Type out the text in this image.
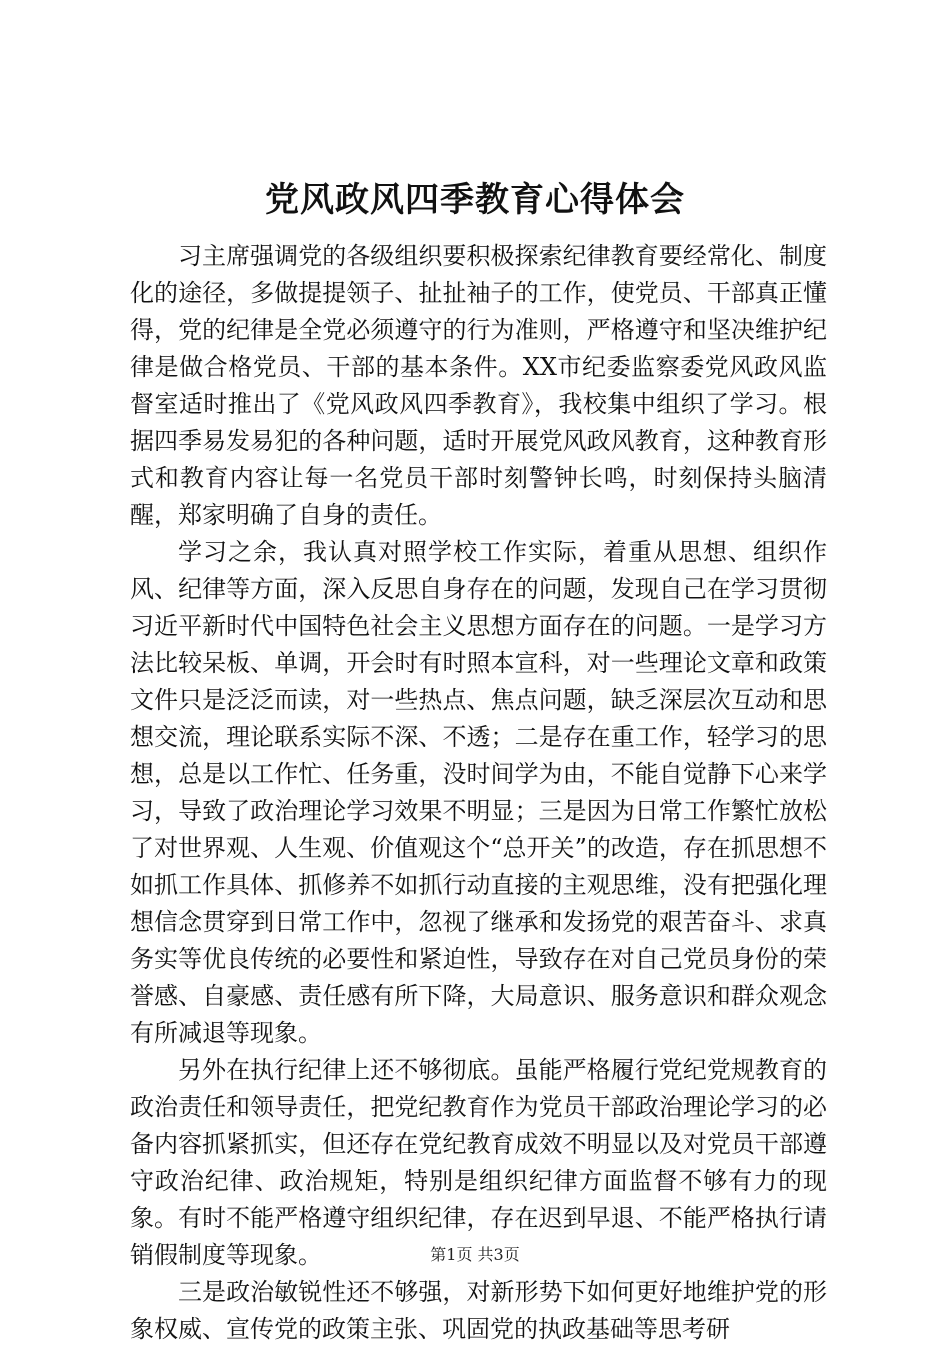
党风政风四季教育心得体会

习主席强调党的各级组织要积极探索纪律教育要经常化、制度化的途径，多做提提领子、扯扯袖子的工作，使党员、干部真正懂得，党的纪律是全党必须遵守的行为准则，严格遵守和坚决维护纪律是做合格党员、干部的基本条件。XX市纪委监察委党风政风监督室适时推出了《党风政风四季教育》，我校集中组织了学习。根据四季易发易犯的各种问题，适时开展党风政风教育，这种教育形式和教育内容让每一名党员干部时刻警钟长鸣，时刻保持头脑清醒，郑家明确了自身的责任。

学习之余，我认真对照学校工作实际，着重从思想、组织作风、纪律等方面，深入反思自身存在的问题，发现自己在学习贯彻习近平新时代中国特色社会主义思想方面存在的问题。一是学习方法比较呆板、单调，开会时有时照本宣科，对一些理论文章和政策文件只是泛泛而读，对一些热点、焦点问题，缺乏深层次互动和思想交流，理论联系实际不深、不透；二是存在重工作，轻学习的思想，总是以工作忙、任务重，没时间学为由，不能自觉静下心来学习，导致了政治理论学习效果不明显；三是因为日常工作繁忙放松了对世界观、人生观、价值观这个“总开关”的改造，存在抓思想不如抓工作具体、抓修养不如抓行动直接的主观思维，没有把强化理想信念贯穿到日常工作中，忽视了继承和发扬党的艰苦奋斗、求真务实等优良传统的必要性和紧迫性，导致存在对自己党员身份的荣誉感、自豪感、责任感有所下降，大局意识、服务意识和群众观念有所减退等现象。

另外在执行纪律上还不够彻底。虽能严格履行党纪党规教育的政治责任和领导责任，把党纪教育作为党员干部政治理论学习的必备内容抓紧抓实，但还存在党纪教育成效不明显以及对党员干部遵守政治纪律、政治规矩，特别是组织纪律方面监督不够有力的现象。有时不能严格遵守组织纪律，存在迟到早退、不能严格执行请销假制度等现象。

三是政治敏锐性还不够强，对新形势下如何更好地维护党的形象权威、宣传党的政策主张、巩固党的执政基础等思考研

第1页 共3页
